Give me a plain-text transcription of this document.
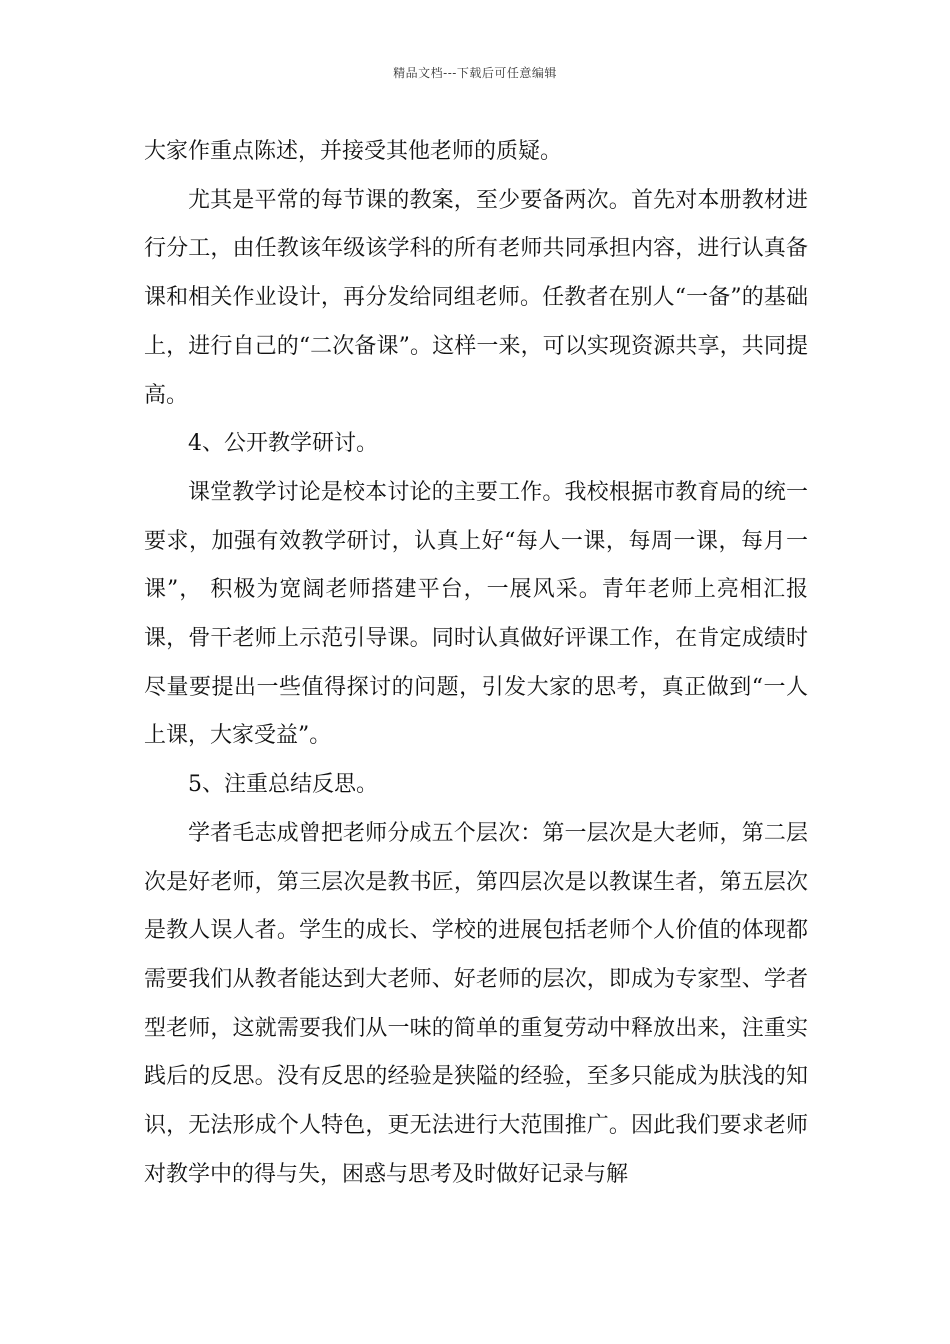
精品文档---下载后可任意编辑

大家作重点陈述，并接受其他老师的质疑。

尤其是平常的每节课的教案，至少要备两次。首先对本册教材进行分工，由任教该年级该学科的所有老师共同承担内容，进行认真备课和相关作业设计，再分发给同组老师。任教者在别人“一备”的基础上，进行自己的“二次备课”。这样一来，可以实现资源共享，共同提高。

4、公开教学研讨。

课堂教学讨论是校本讨论的主要工作。我校根据市教育局的统一要求，加强有效教学研讨，认真上好“每人一课，每周一课，每月一课”， 积极为宽阔老师搭建平台，一展风采。青年老师上亮相汇报课，骨干老师上示范引导课。同时认真做好评课工作，在肯定成绩时尽量要提出一些值得探讨的问题，引发大家的思考，真正做到“一人上课，大家受益”。

5、注重总结反思。

学者毛志成曾把老师分成五个层次：第一层次是大老师，第二层次是好老师，第三层次是教书匠，第四层次是以教谋生者，第五层次是教人误人者。学生的成长、学校的进展包括老师个人价值的体现都需要我们从教者能达到大老师、好老师的层次，即成为专家型、学者型老师，这就需要我们从一味的简单的重复劳动中释放出来，注重实践后的反思。没有反思的经验是狭隘的经验，至多只能成为肤浅的知识，无法形成个人特色，更无法进行大范围推广。因此我们要求老师对教学中的得与失，困惑与思考及时做好记录与解
